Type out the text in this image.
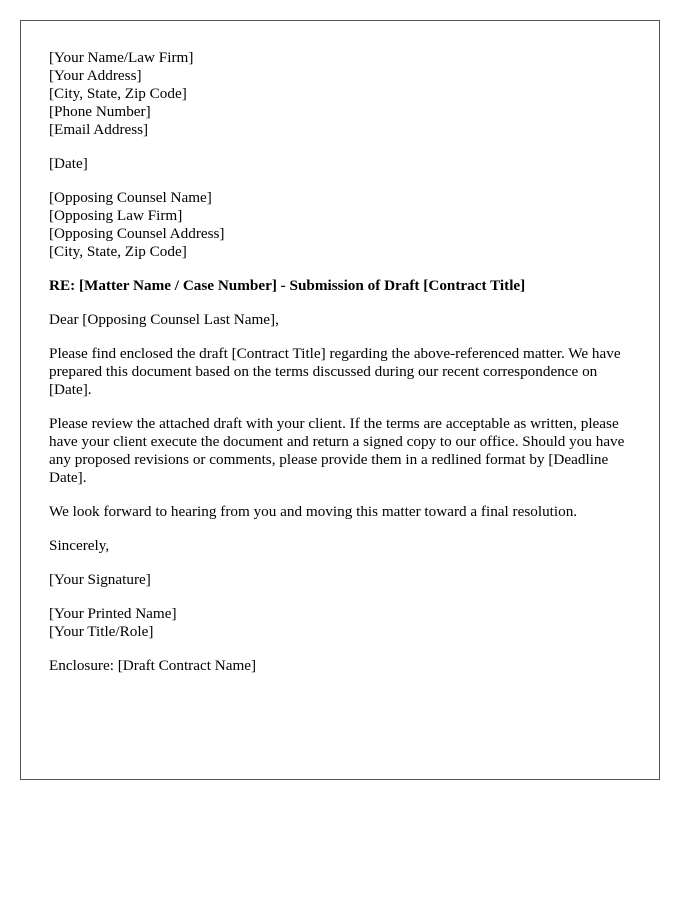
[Your Name/Law Firm]
[Your Address]
[City, State, Zip Code]
[Phone Number]
[Email Address]
[Date]
[Opposing Counsel Name]
[Opposing Law Firm]
[Opposing Counsel Address]
[City, State, Zip Code]
RE: [Matter Name / Case Number] - Submission of Draft [Contract Title]

Dear [Opposing Counsel Last Name],

Please find enclosed the draft [Contract Title] regarding the above-referenced matter. We have prepared this document based on the terms discussed during our recent correspondence on [Date].

Please review the attached draft with your client. If the terms are acceptable as written, please have your client execute the document and return a signed copy to our office. Should you have any proposed revisions or comments, please provide them in a redlined format by [Deadline Date].

We look forward to hearing from you and moving this matter toward a final resolution.

Sincerely,

[Your Signature]

[Your Printed Name]
[Your Title/Role]

Enclosure: [Draft Contract Name]
